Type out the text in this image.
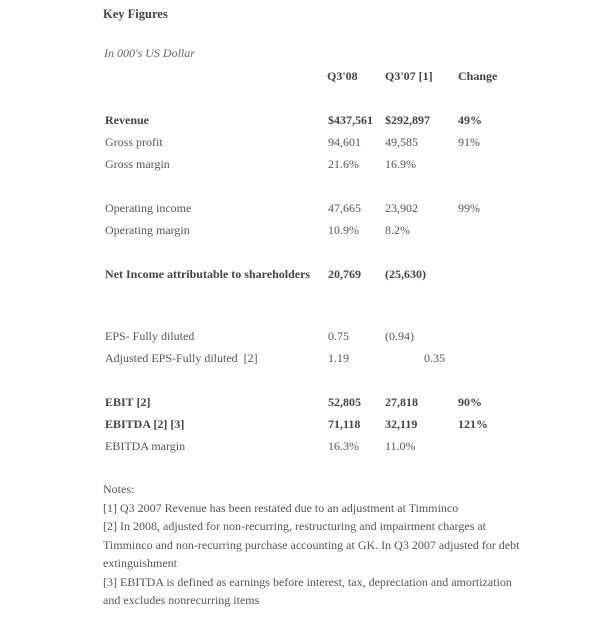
Key Figures
In 000's US Dollar
Q3'08 Q3'07 [1] Change
Revenue	$437,561 $292,897 49%
Gross profit	94,601 49,585	91%
Gross margin	21.6% 16.9%
Operating income	47,665 23,902	99%
Operating margin	10.9% 8.2%
Net Income attributable to shareholders 20,769 (25,630)
EPS- Fully diluted	0.75	(0.94)
Adjusted EPS-Fully diluted  [2]	1.19	0.35
EBIT [2]	52,805 27,818	90%
EBITDA [2] [3]	71,118 32,119	121%
EBITDA margin	16.3% 11.0%
Notes:
[1] Q3 2007 Revenue has been restated due to an adjustment at Timminco
[2] In 2008, adjusted for non-recurring, restructuring and impairment charges at Timminco and non-recurring purchase accounting at GK. In Q3 2007 adjusted for debt extinguishment
[3] EBITDA is defined as earnings before interest, tax, depreciation and amortization and excludes nonrecurring items
